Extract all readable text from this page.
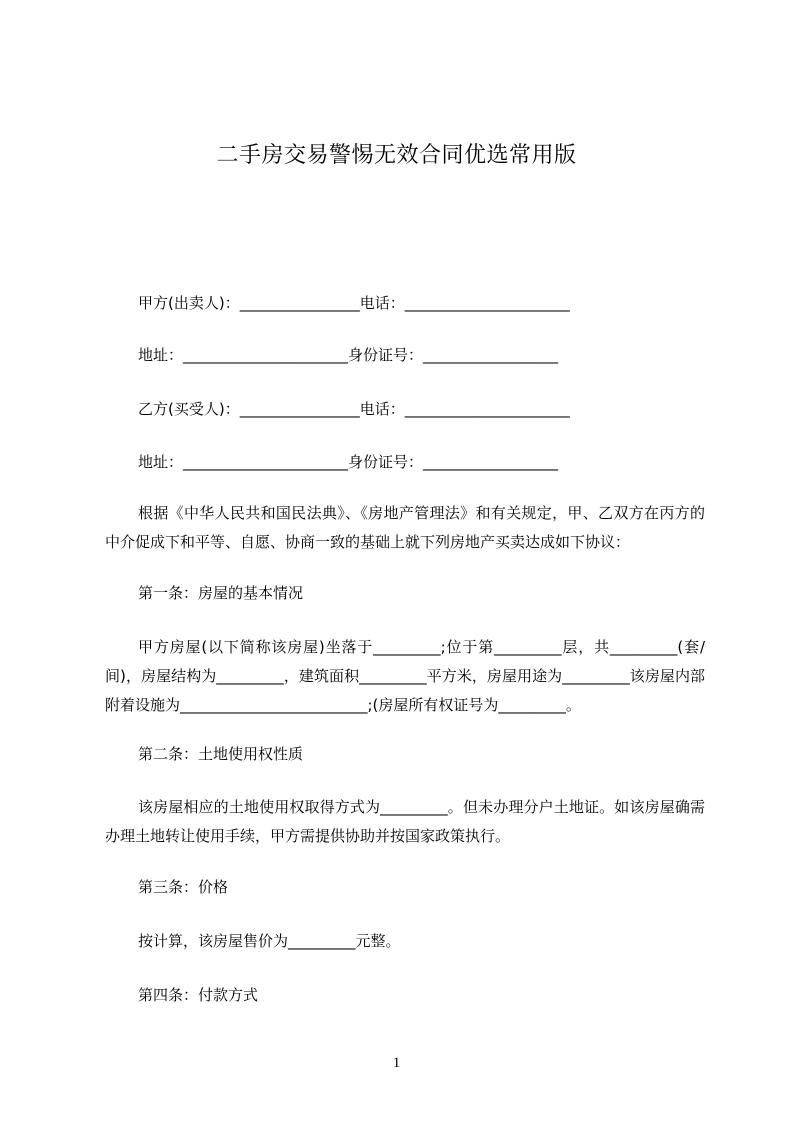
二手房交易警惕无效合同优选常用版
甲方(出卖人)：________________电话：______________________
地址：______________________身份证号：__________________
乙方(买受人)：________________电话：______________________
地址：______________________身份证号：__________________
根据《中华人民共和国民法典》、《房地产管理法》和有关规定，甲、乙双方在丙方的中介促成下和平等、自愿、协商一致的基础上就下列房地产买卖达成如下协议：
第一条：房屋的基本情况
甲方房屋(以下简称该房屋)坐落于_________;位于第_________层，共_________(套/间)，房屋结构为_________，建筑面积_________平方米，房屋用途为_________该房屋内部附着设施为_________________________;(房屋所有权证号为_________。
第二条：土地使用权性质
该房屋相应的土地使用权取得方式为_________。但未办理分户土地证。如该房屋确需办理土地转让使用手续，甲方需提供协助并按国家政策执行。
第三条：价格
按计算，该房屋售价为_________元整。
第四条：付款方式
1
